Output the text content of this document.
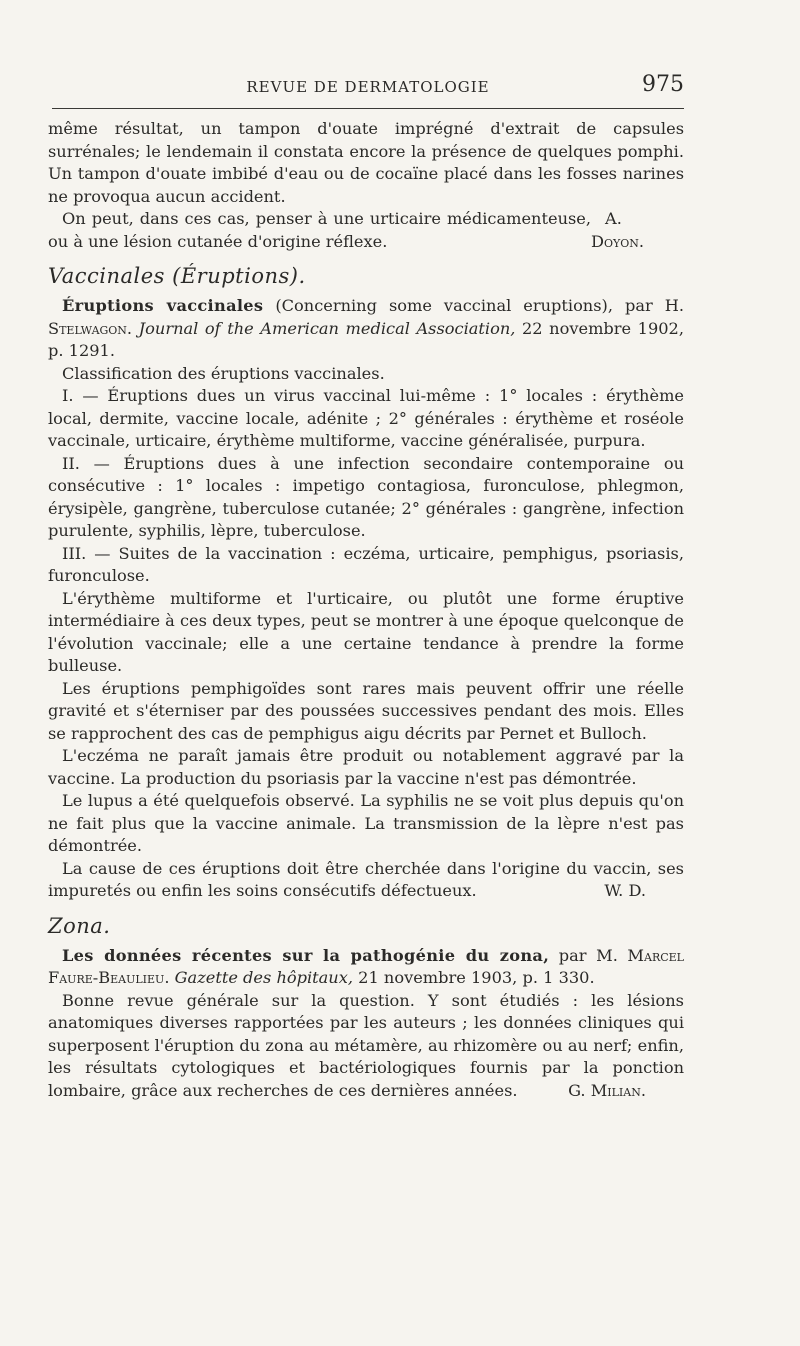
REVUE DE DERMATOLOGIE	975

même résultat, un tampon d'ouate imprégné d'extrait de capsules surrénales; le lendemain il constata encore la présence de quelques pomphi. Un tampon d'ouate imbibé d'eau ou de cocaïne placé dans les fosses narines ne provoqua aucun accident.

On peut, dans ces cas, penser à une urticaire médicamenteuse, ou à une lésion cutanée d'origine réflexe.
A. Doyon.

Vaccinales (Éruptions).

Éruptions vaccinales (Concerning some vaccinal eruptions), par H. Stelwagon. Journal of the American medical Association, 22 novembre 1902, p. 1291.

Classification des éruptions vaccinales.

I. — Éruptions dues un virus vaccinal lui-même : 1° locales : érythème local, dermite, vaccine locale, adénite ; 2° générales : érythème et roséole vaccinale, urticaire, érythème multiforme, vaccine généralisée, purpura.

II. — Éruptions dues à une infection secondaire contemporaine ou consécutive : 1° locales : impetigo contagiosa, furonculose, phlegmon, érysipèle, gangrène, tuberculose cutanée; 2° générales : gangrène, infection purulente, syphilis, lèpre, tuberculose.

III. — Suites de la vaccination : eczéma, urticaire, pemphigus, psoriasis, furonculose.

L'érythème multiforme et l'urticaire, ou plutôt une forme éruptive intermédiaire à ces deux types, peut se montrer à une époque quelconque de l'évolution vaccinale; elle a une certaine tendance à prendre la forme bulleuse.

Les éruptions pemphigoïdes sont rares mais peuvent offrir une réelle gravité et s'éterniser par des poussées successives pendant des mois. Elles se rapprochent des cas de pemphigus aigu décrits par Pernet et Bulloch.

L'eczéma ne paraît jamais être produit ou notablement aggravé par la vaccine. La production du psoriasis par la vaccine n'est pas démontrée.

Le lupus a été quelquefois observé. La syphilis ne se voit plus depuis qu'on ne fait plus que la vaccine animale. La transmission de la lèpre n'est pas démontrée.

La cause de ces éruptions doit être cherchée dans l'origine du vaccin, ses impuretés ou enfin les soins consécutifs défectueux.	W. D.

Zona.

Les données récentes sur la pathogénie du zona, par M. Marcel Faure-Beaulieu. Gazette des hôpitaux, 21 novembre 1903, p. 1 330.

Bonne revue générale sur la question. Y sont étudiés : les lésions anatomiques diverses rapportées par les auteurs ; les données cliniques qui superposent l'éruption du zona au métamère, au rhizomère ou au nerf; enfin, les résultats cytologiques et bactériologiques fournis par la ponction lombaire, grâce aux recherches de ces dernières années.	G. Milian.
